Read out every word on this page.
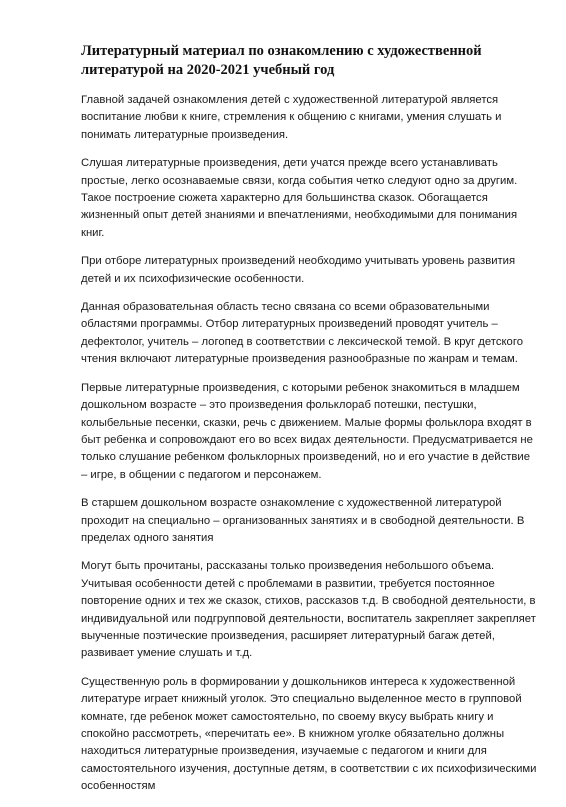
Литературный материал по ознакомлению с художественной литературой на 2020-2021 учебный год

Главной задачей ознакомления детей с художественной литературой является воспитание любви к книге, стремления к общению с книгами, умения слушать и понимать литературные произведения.

Слушая литературные произведения, дети учатся прежде всего устанавливать простые, легко осознаваемые связи, когда события четко следуют одно за другим. Такое построение сюжета характерно для большинства сказок. Обогащается жизненный опыт детей знаниями и впечатлениями, необходимыми для понимания книг.

При отборе литературных произведений необходимо учитывать уровень развития детей и их психофизические особенности.

Данная образовательная область тесно связана со всеми образовательными областями программы. Отбор литературных произведений проводят учитель – дефектолог, учитель – логопед в соответствии с лексической темой. В круг детского чтения включают литературные произведения разнообразные по жанрам и темам.

Первые литературные произведения, с которыми ребенок знакомиться в младшем дошкольном возрасте – это произведения фольклораб потешки, пестушки, колыбельные песенки, сказки, речь с движением. Малые формы фольклора входят в быт ребенка и сопровождают его во всех видах деятельности. Предусматривается не только слушание ребенком фольклорных произведений, но и его участие в действие – игре, в общении с педагогом и персонажем.

В старшем дошкольном возрасте ознакомление с художественной литературой проходит на специально – организованных занятиях и в свободной деятельности. В пределах одного занятия

Могут быть прочитаны, рассказаны только произведения небольшого объема. Учитывая особенности детей с проблемами в развитии, требуется постоянное повторение одних и тех же сказок, стихов, рассказов т.д. В свободной деятельности, в индивидуальной или подгрупповой деятельности, воспитатель закрепляет закрепляет выученные поэтические произведения, расширяет литературный багаж детей, развивает умение слушать и т.д.

Существенную роль в формировании у дошкольников интереса к художественной литературе играет книжный уголок. Это специально выделенное место в групповой комнате, где ребенок может самостоятельно, по своему вкусу выбрать книгу и спокойно рассмотреть, «перечитать ее». В книжном уголке обязательно должны находиться литературные произведения, изучаемые с педагогом и книги для самостоятельного изучения, доступные детям, в соответствии с их психофизическими особенностям
